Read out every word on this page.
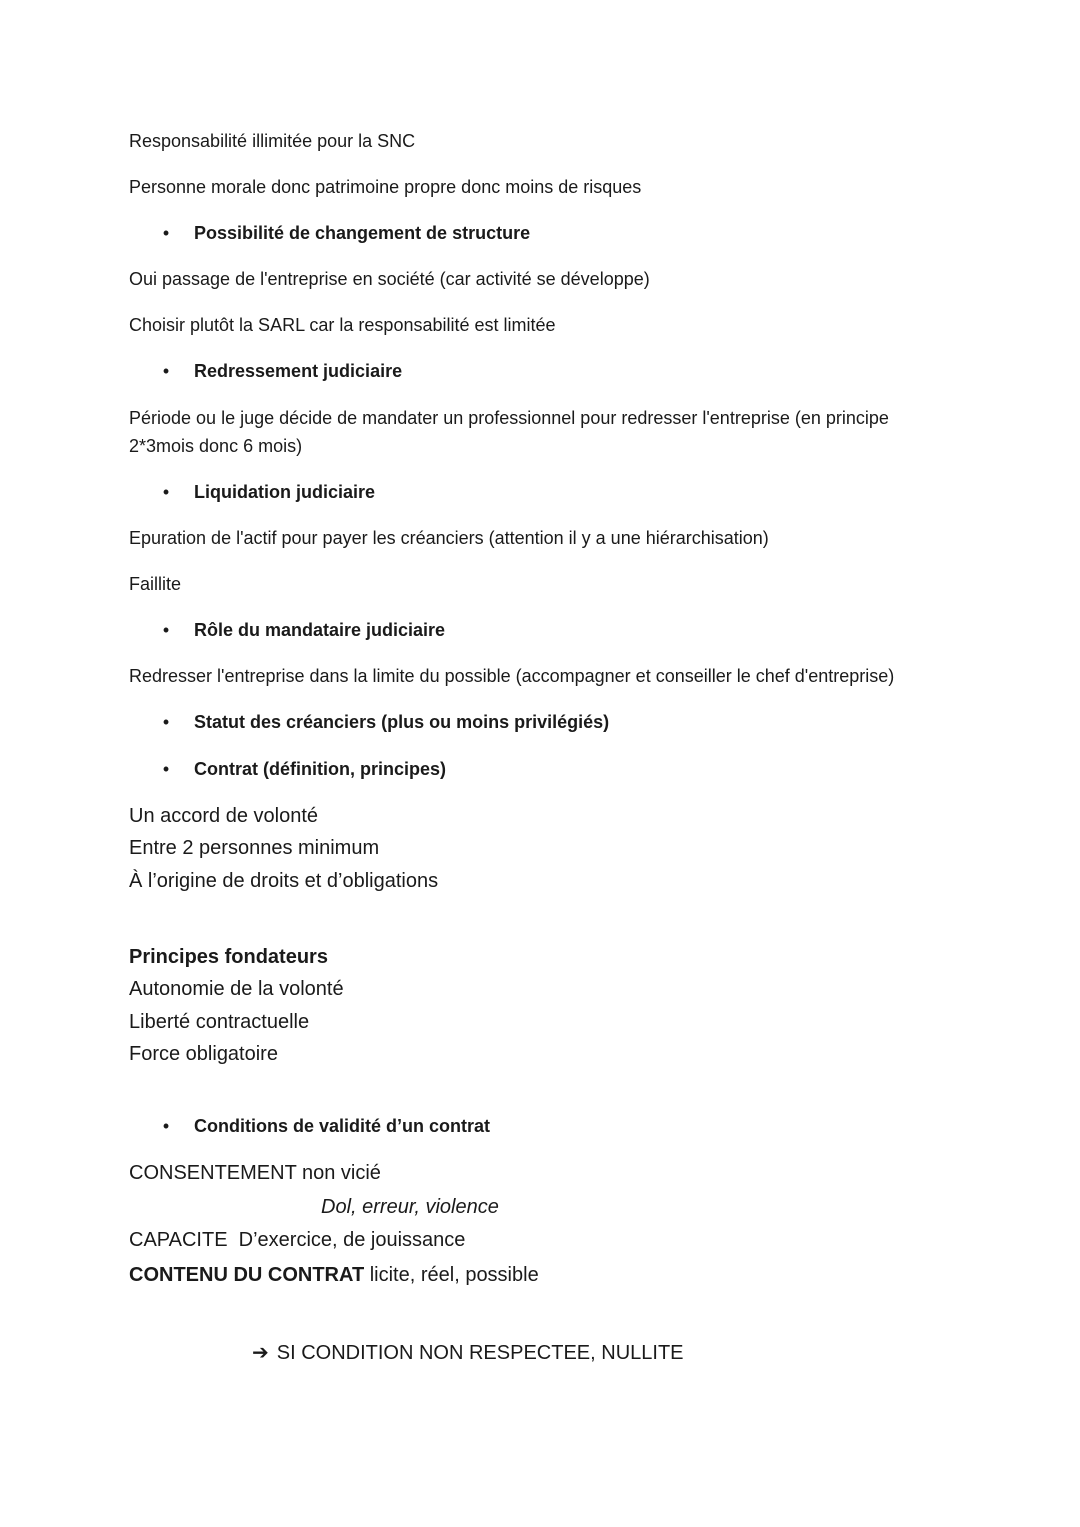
Responsabilité illimitée pour la SNC

Personne morale donc patrimoine propre donc moins de risques

• Possibilité de changement de structure

Oui passage de l'entreprise en société (car activité se développe)

Choisir plutôt la SARL car la responsabilité est limitée

• Redressement judiciaire

Période ou le juge décide de mandater un professionnel pour redresser l'entreprise (en principe

2*3mois donc 6 mois)

• Liquidation judiciaire

Epuration de l'actif pour payer les créanciers (attention il y a une hiérarchisation)

Faillite

• Rôle du mandataire judiciaire

Redresser l'entreprise dans la limite du possible (accompagner et conseiller le chef d'entreprise)

• Statut des créanciers (plus ou moins privilégiés)
• Contrat (définition, principes)

Un accord de volonté

Entre 2 personnes minimum

À l’origine de droits et d’obligations

Principes fondateurs

Autonomie de la volonté

Liberté contractuelle

Force obligatoire

• Conditions de validité d’un contrat

CONSENTEMENT non vicié

Dol, erreur, violence

CAPACITE  D’exercice, de jouissance

CONTENU DU CONTRAT licite, réel, possible

➔ SI CONDITION NON RESPECTEE, NULLITE
